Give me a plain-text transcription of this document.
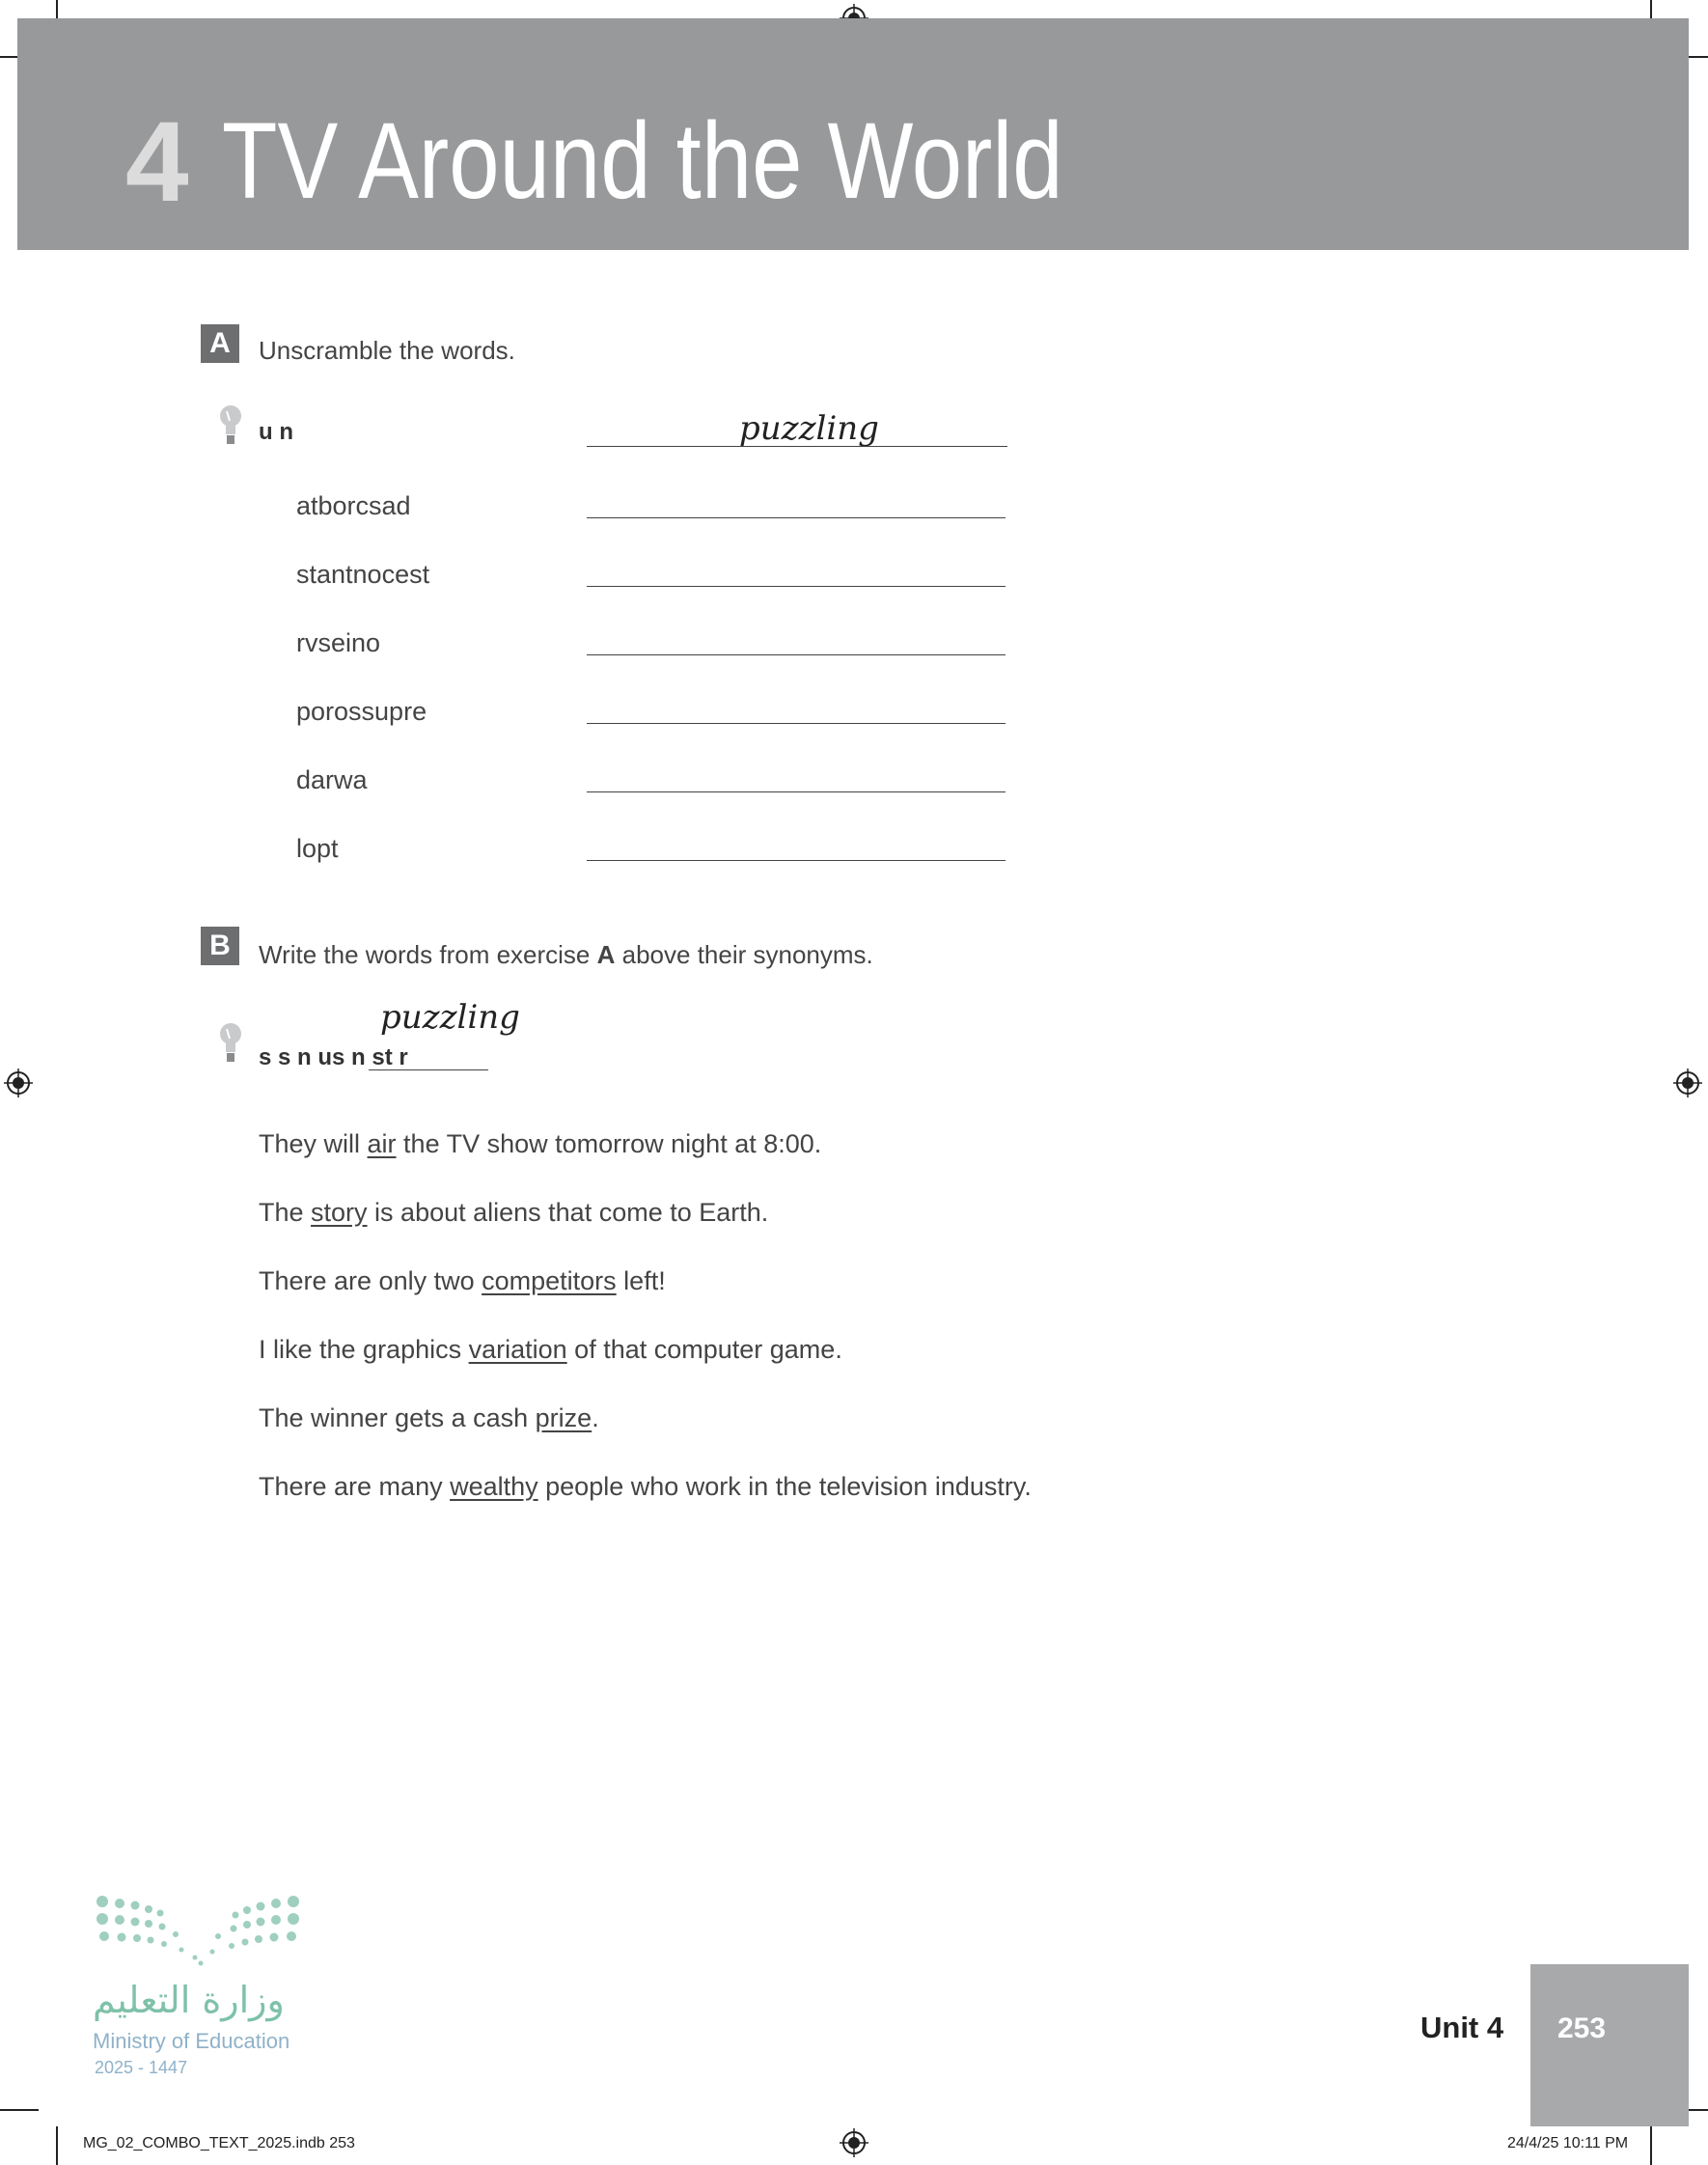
4 TV Around the World
A	Unscramble the words.
u n	puzzling
atborcsad
stantnocest
rvseino
porossupre
darwa
lopt
B	Write the words from exercise A above their synonyms.
puzzling
s s n us n st r
They will air the TV show tomorrow night at 8:00.
The story is about aliens that come to Earth.
There are only two competitors left!
I like the graphics variation of that computer game.
The winner gets a cash prize.
There are many wealthy people who work in the television industry.
وزارة التعليم
Ministry of Education
2025 - 1447
Unit 4 253
MG_02_COMBO_TEXT_2025.indb 253	24/4/25 10:11 PM
